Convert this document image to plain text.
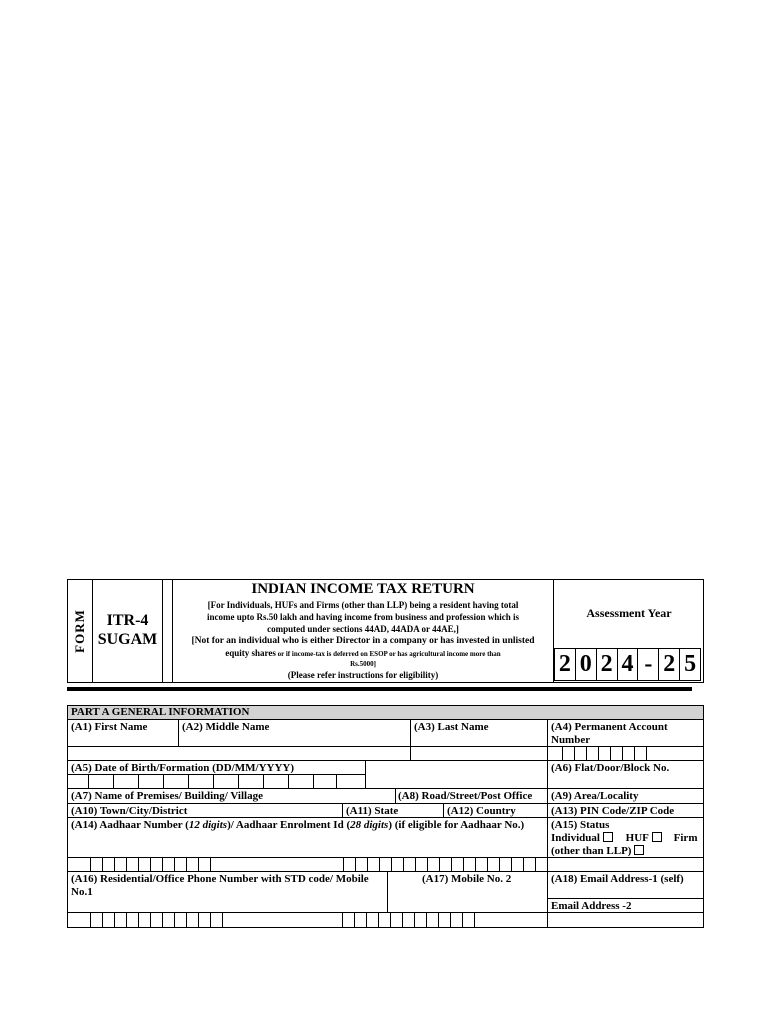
FORM	ITR-4
SUGAM
INDIAN INCOME TAX RETURN
[For Individuals, HUFs and Firms (other than LLP) being a resident having total
income upto Rs.50 lakh and having income from business and profession which is
computed under sections 44AD, 44ADA or 44AE,]
[Not for an individual who is either Director in a company or has invested in unlisted
equity shares or if income-tax is deferred on ESOP or has agricultural income more than
Rs.5000]
(Please refer instructions for eligibility)
Assessment Year
2 0 2 4 - 2 5
PART A GENERAL INFORMATION
(A1) First Name	(A2) Middle Name	(A3) Last Name	(A4) Permanent Account
Number
(A5) Date of Birth/Formation (DD/MM/YYYY)	(A6) Flat/Door/Block No.
(A7) Name of Premises/ Building/ Village	(A8) Road/Street/Post Office (A9) Area/Locality
(A10) Town/City/District	(A11) State	(A12) Country	(A13) PIN Code/ZIP Code
(A14) Aadhaar Number (12 digits)/ Aadhaar Enrolment Id (28 digits) (if eligible for Aadhaar No.)	(A15) Status
Individual HUF Firm
(other than LLP)
(A16) Residential/Office Phone Number with STD code/ Mobile
No.1
(A17) Mobile No. 2	(A18) Email Address-1 (self)
Email Address -2
